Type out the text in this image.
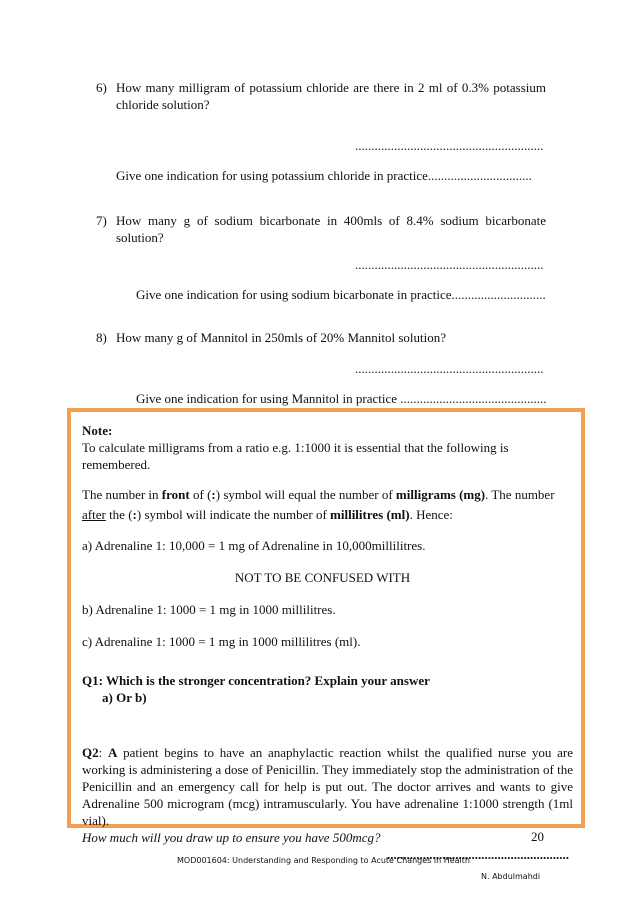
6) How many milligram of potassium chloride are there in 2 ml of 0.3% potassium chloride solution?
..........................................................
Give one indication for using potassium chloride in practice................................
7) How many g of sodium bicarbonate in 400mls of 8.4% sodium bicarbonate solution?
..........................................................
Give one indication for using sodium bicarbonate in practice.............................
8) How many g of Mannitol in 250mls of 20% Mannitol solution?
..........................................................
Give one indication for using Mannitol in practice .............................................

Note:

To calculate milligrams from a ratio e.g. 1:1000 it is essential that the following is remembered.

The number in front of (:) symbol will equal the number of milligrams (mg). The number after the (:) symbol will indicate the number of millilitres (ml). Hence:

a) Adrenaline 1: 10,000 = 1 mg of Adrenaline in 10,000millilitres.

NOT TO BE CONFUSED WITH

b) Adrenaline 1: 1000 = 1 mg in 1000 millilitres.

c) Adrenaline 1: 1000 = 1 mg in 1000 millilitres (ml).

Q1: Which is the stronger concentration? Explain your answer

a) Or b)

Q2: A patient begins to have an anaphylactic reaction whilst the qualified nurse you are working is administering a dose of Penicillin. They immediately stop the administration of the Penicillin and an emergency call for help is put out. The doctor arrives and wants to give Adrenaline 500 microgram (mcg) intramuscularly. You have adrenaline 1:1000 strength (1ml vial).

How much will you draw up to ensure you have 500mcg?

........................................................

20
MOD001604: Understanding and Responding to Acute Changes in Health
N. Abdulmahdi
